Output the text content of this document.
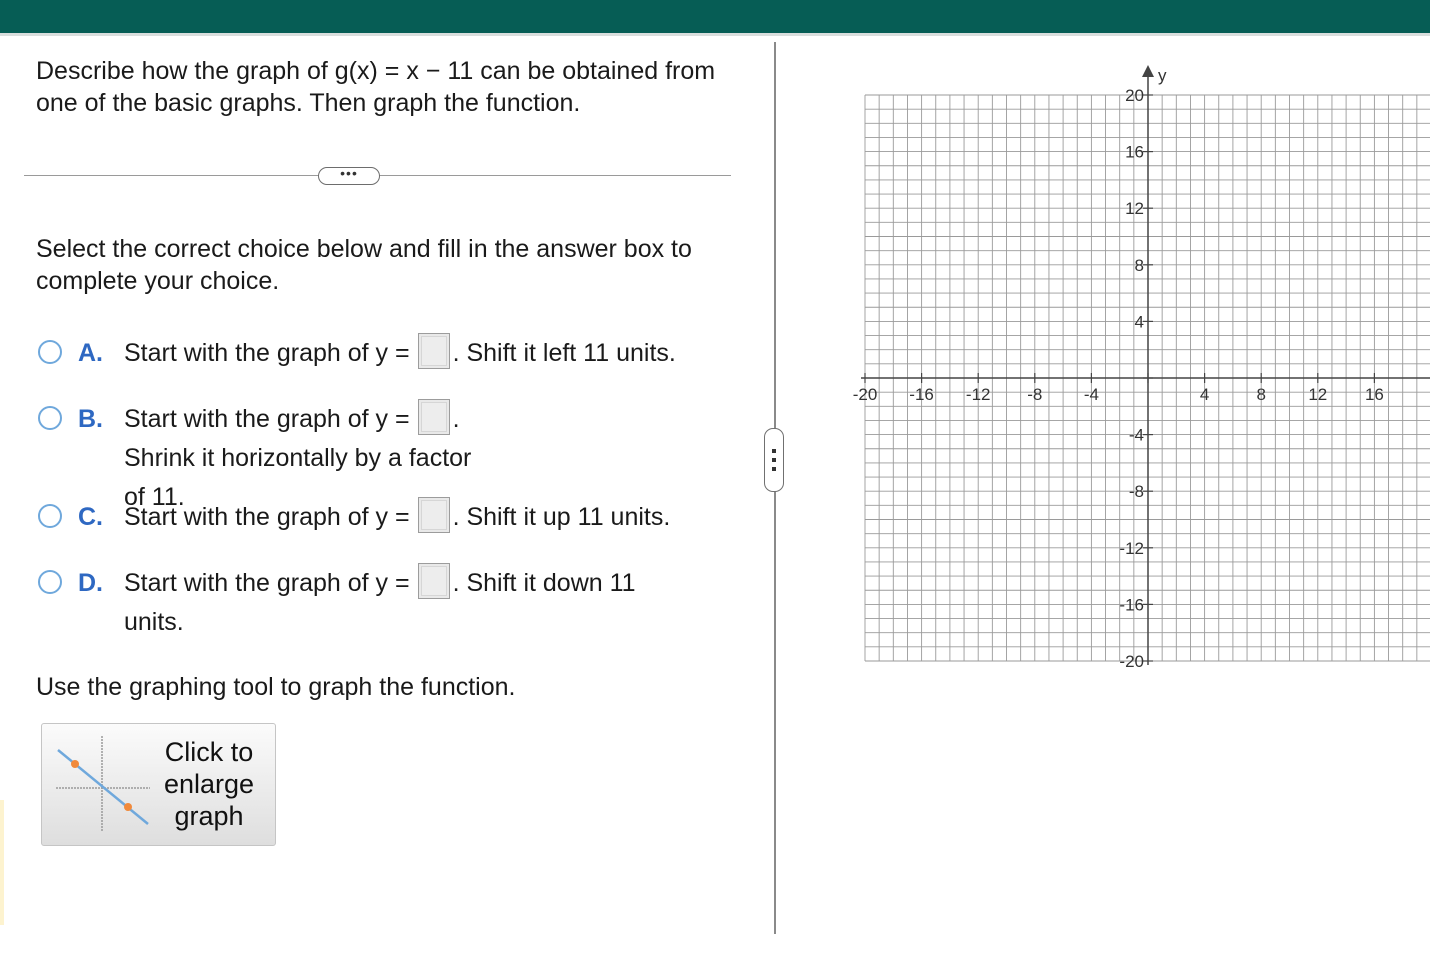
Describe how the graph of g(x) = x − 11 can be obtained from one of the basic graphs. Then graph the function.
•••
Select the correct choice below and fill in the answer box to complete your choice.
A. Start with the graph of y = . Shift it left 11 units.
B. Start with the graph of y = . Shrink it horizontally by a factor of 11.
C. Start with the graph of y = . Shift it up 11 units.
D. Start with the graph of y = . Shift it down 11 units.
Use the graphing tool to graph the function.
Click to enlarge graph
-20 -16 -12 -8 -4	4	8 12 16
20
16
12
8
4
-4
-8
-12
-16
-20
y
